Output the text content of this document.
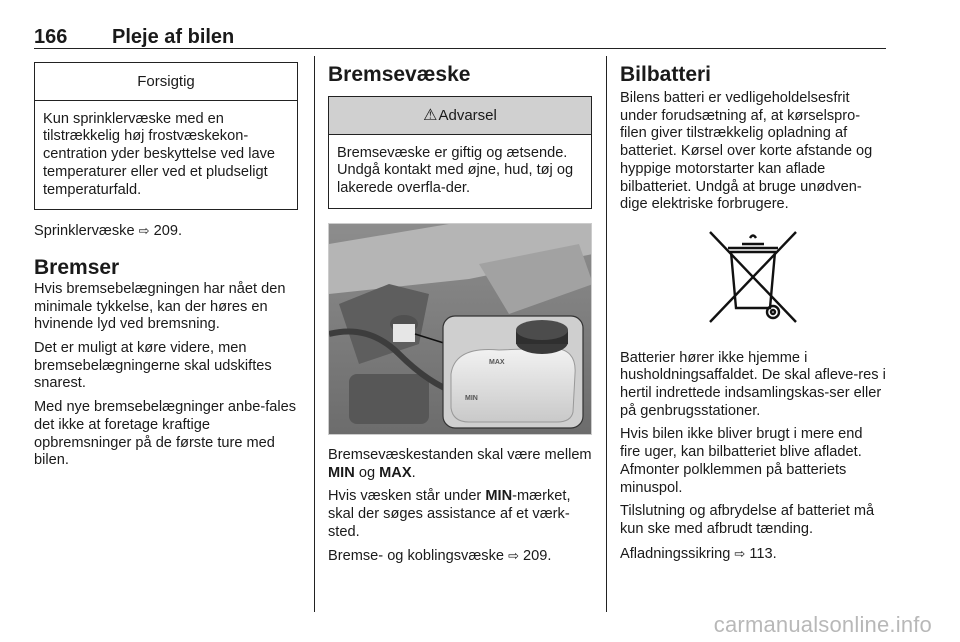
166 Pleje af bilen
Forsigtig
Kun sprinklervæske med en tilstrækkelig høj frostvæskekon-centration yder beskyttelse ved lave temperaturer eller ved et pludseligt temperaturfald.

Sprinklervæske ⇨ 209.

Bremser

Hvis bremsebelægningen har nået den minimale tykkelse, kan der høres en hvinende lyd ved bremsning.

Det er muligt at køre videre, men bremsebelægningerne skal udskiftes snarest.

Med nye bremsebelægninger anbe-fales det ikke at foretage kraftige opbremsninger på de første ture med bilen.

Bremsevæske
⚠Advarsel
Bremsevæske er giftig og ætsende. Undgå kontakt med øjne, hud, tøj og lakerede overfla-der.
MAX
MIN

Bremsevæskestanden skal være mellem MIN og MAX.

Hvis væsken står under MIN-mærket, skal der søges assistance af et værk-sted.

Bremse- og koblingsvæske ⇨ 209.

Bilbatteri

Bilens batteri er vedligeholdelsesfrit under forudsætning af, at kørselspro-filen giver tilstrækkelig opladning af batteriet. Kørsel over korte afstande og hyppige motorstarter kan aflade bilbatteriet. Undgå at bruge unødven-dige elektriske forbrugere.

Batterier hører ikke hjemme i husholdningsaffaldet. De skal afleve-res i hertil indrettede indsamlingskas-ser eller på genbrugsstationer.

Hvis bilen ikke bliver brugt i mere end fire uger, kan bilbatteriet blive afladet. Afmonter polklemmen på batteriets minuspol.

Tilslutning og afbrydelse af batteriet må kun ske med afbrudt tænding.

Afladningssikring ⇨ 113.

carmanualsonline.info
